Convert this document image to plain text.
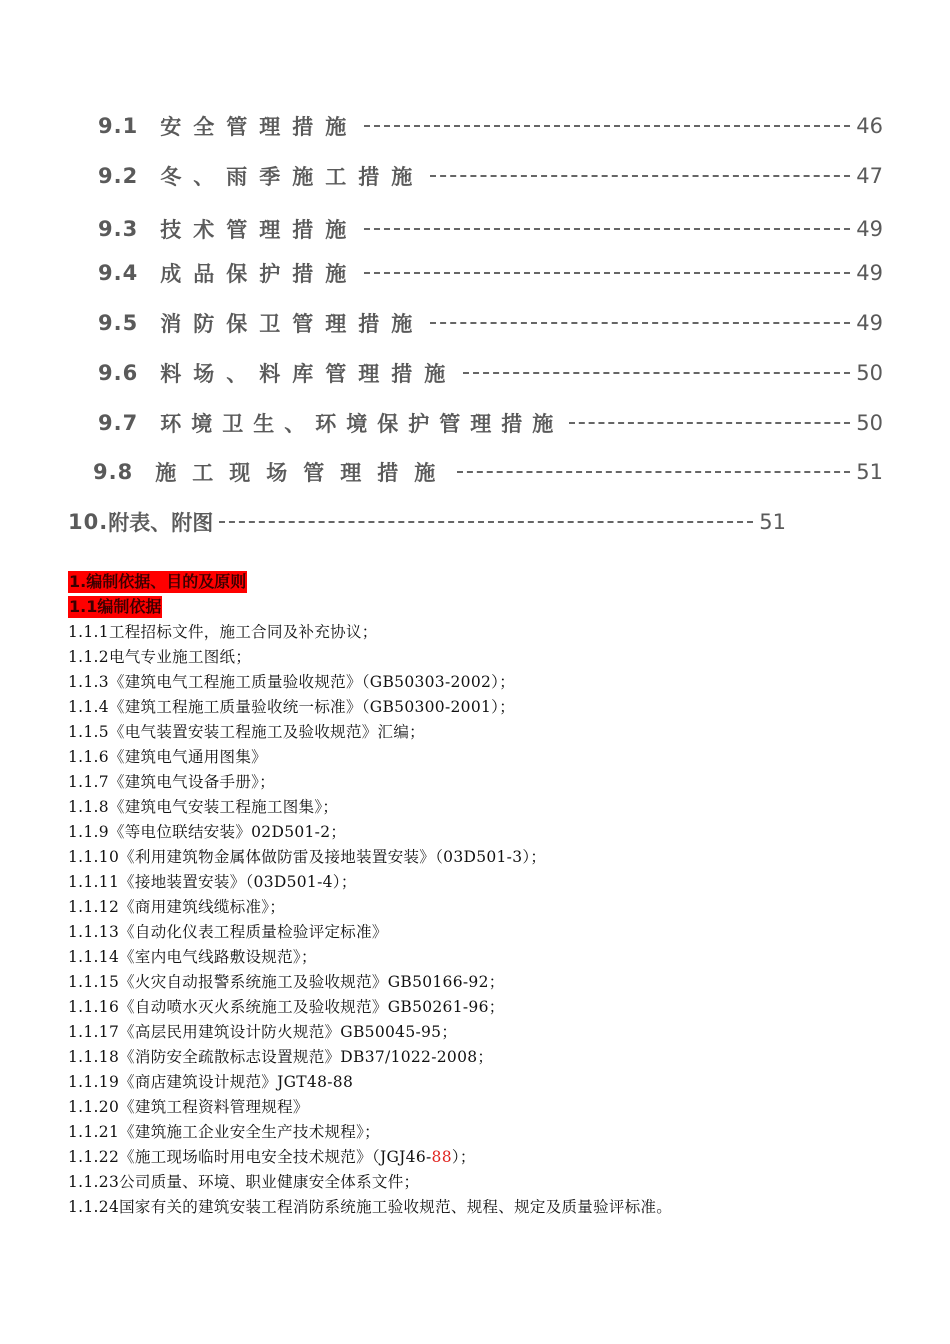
9.1 安全管理措施	46
9.2 冬、雨季施工措施	47
9.3 技术管理措施	49
9.4 成品保护措施	49
9.5 消防保卫管理措施	49
9.6 料场、料库管理措施	50
9.7 环境卫生、环境保护管理措施	50
9.8 施工现场管理措施	51
10. 附表、附图	51
1.编制依据、目的及原则
1.1编制依据
1.1.1工程招标文件，施工合同及补充协议；
1.1.2电气专业施工图纸；
1.1.3《建筑电气工程施工质量验收规范》（GB50303-2002）；
1.1.4《建筑工程施工质量验收统一标准》（GB50300-2001）；
1.1.5《电气装置安装工程施工及验收规范》汇编；
1.1.6《建筑电气通用图集》
1.1.7《建筑电气设备手册》；
1.1.8《建筑电气安装工程施工图集》；
1.1.9《等电位联结安装》02D501-2；
1.1.10《利用建筑物金属体做防雷及接地装置安装》（03D501-3）；
1.1.11《接地装置安装》（03D501-4）；
1.1.12《商用建筑线缆标准》；
1.1.13《自动化仪表工程质量检验评定标准》
1.1.14《室内电气线路敷设规范》；
1.1.15《火灾自动报警系统施工及验收规范》GB50166-92；
1.1.16《自动喷水灭火系统施工及验收规范》GB50261-96；
1.1.17《高层民用建筑设计防火规范》GB50045-95；
1.1.18《消防安全疏散标志设置规范》DB37/1022-2008；
1.1.19《商店建筑设计规范》JGT48-88
1.1.20《建筑工程资料管理规程》
1.1.21《建筑施工企业安全生产技术规程》；
1.1.22《施工现场临时用电安全技术规范》（JGJ46-88）；
1.1.23公司质量、环境、职业健康安全体系文件；
1.1.24国家有关的建筑安装工程消防系统施工验收规范、规程、规定及质量验评标准。
